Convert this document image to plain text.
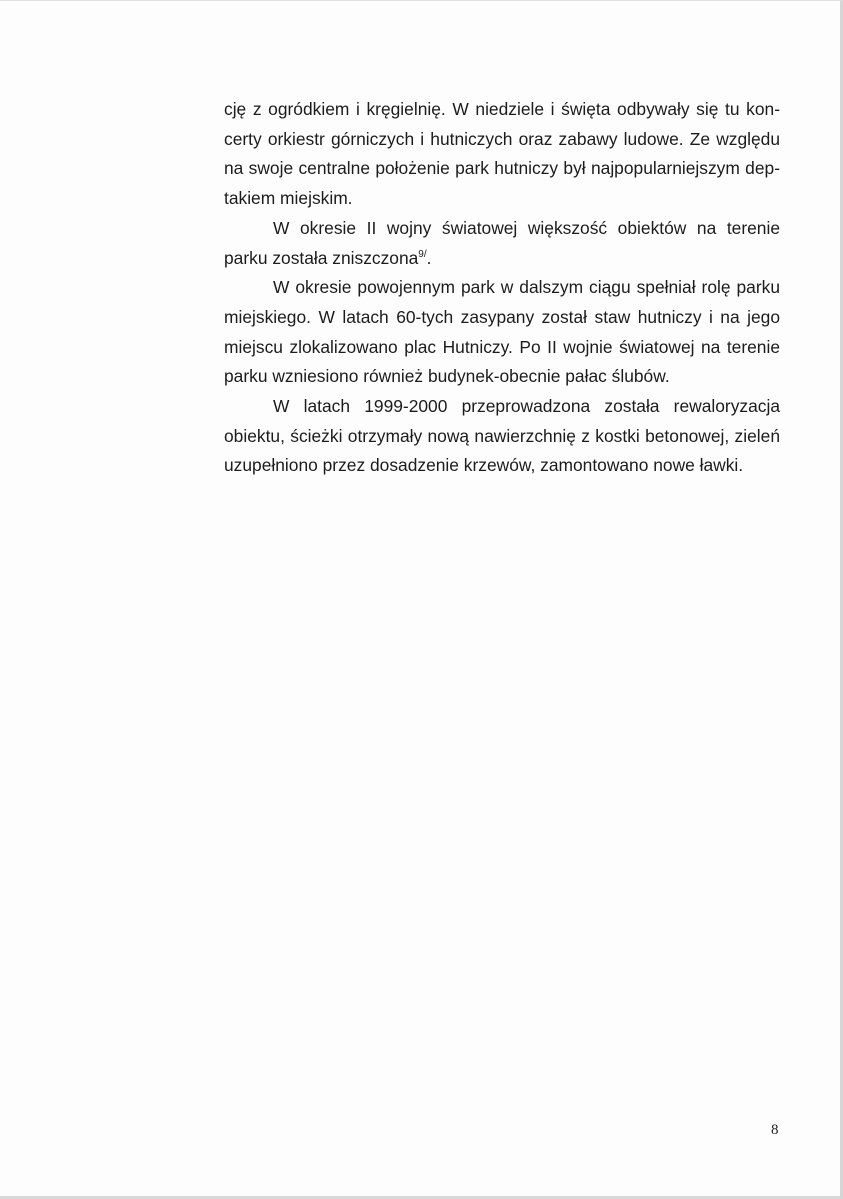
cję z ogródkiem i kręgielnię. W niedziele i święta odbywały się tu koncerty orkiestr górniczych i hutniczych oraz zabawy ludowe. Ze względu na swoje centralne położenie park hutniczy był najpopularniejszym deptakiem miejskim.

W okresie II wojny światowej większość obiektów na terenie parku została zniszczona$^{9/}$.

W okresie powojennym park w dalszym ciągu spełniał rolę parku miejskiego. W latach 60-tych zasypany został staw hutniczy i na jego miejscu zlokalizowano plac Hutniczy. Po II wojnie światowej na terenie parku wzniesiono również budynek-obecnie pałac ślubów.

W latach 1999-2000 przeprowadzona została rewaloryzacja obiektu, ścieżki otrzymały nową nawierzchnię z kostki betonowej, zieleń uzupełniono przez dosadzenie krzewów, zamontowano nowe ławki.

8
